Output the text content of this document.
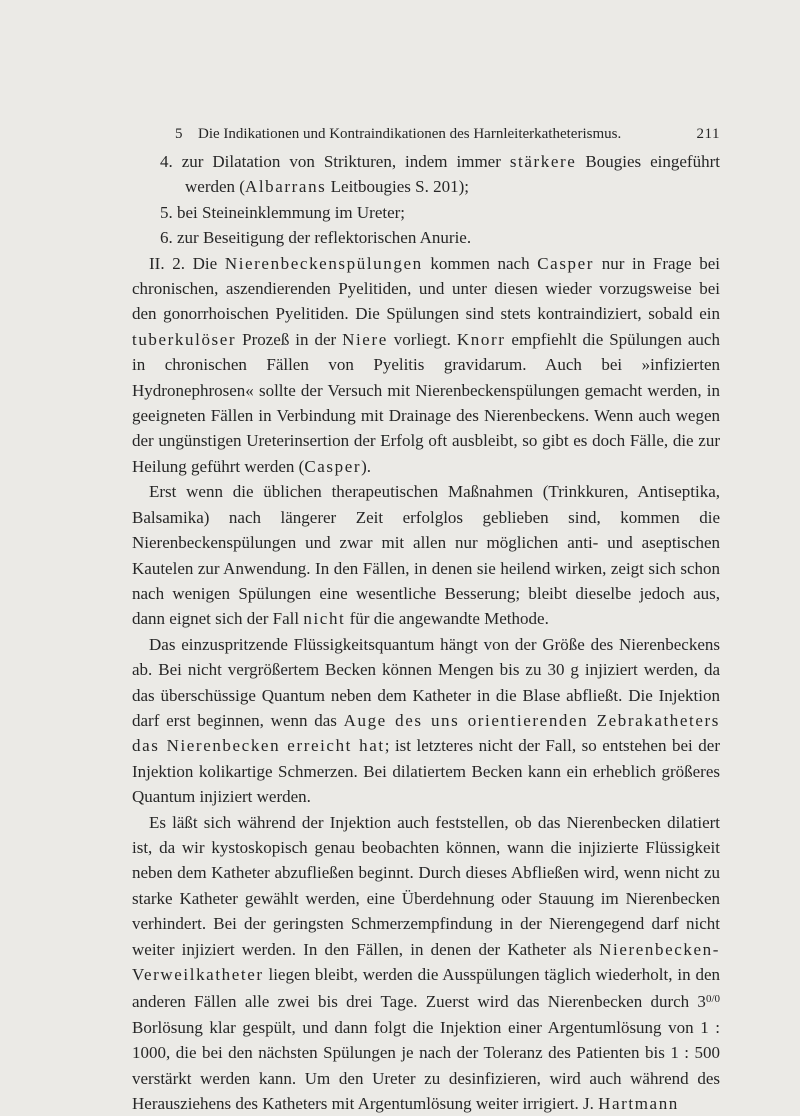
5 Die Indikationen und Kontraindikationen des Harnleiterkatheterismus.	211

4. zur Dilatation von Strikturen, indem immer stärkere Bougies eingeführt werden (Albarrans Leitbougies S. 201);

5. bei Steineinklemmung im Ureter;

6. zur Beseitigung der reflektorischen Anurie.

II. 2. Die Nierenbeckenspülungen kommen nach Casper nur in Frage bei chronischen, aszendierenden Pyelitiden, und unter diesen wieder vorzugsweise bei den gonorrhoischen Pyelitiden. Die Spülungen sind stets kontraindiziert, sobald ein tuberkulöser Prozeß in der Niere vorliegt. Knorr empfiehlt die Spülungen auch in chronischen Fällen von Pyelitis gravidarum. Auch bei »infizierten Hydronephrosen« sollte der Versuch mit Nierenbeckenspülungen gemacht werden, in geeigneten Fällen in Verbindung mit Drainage des Nierenbeckens. Wenn auch wegen der ungünstigen Ureterinsertion der Erfolg oft ausbleibt, so gibt es doch Fälle, die zur Heilung geführt werden (Casper).

Erst wenn die üblichen therapeutischen Maßnahmen (Trinkkuren, Antiseptika, Balsamika) nach längerer Zeit erfolglos geblieben sind, kommen die Nierenbeckenspülungen und zwar mit allen nur möglichen anti- und aseptischen Kautelen zur Anwendung. In den Fällen, in denen sie heilend wirken, zeigt sich schon nach wenigen Spülungen eine wesentliche Besserung; bleibt dieselbe jedoch aus, dann eignet sich der Fall nicht für die angewandte Methode.

Das einzuspritzende Flüssigkeitsquantum hängt von der Größe des Nierenbeckens ab. Bei nicht vergrößertem Becken können Mengen bis zu 30 g injiziert werden, da das überschüssige Quantum neben dem Katheter in die Blase abfließt. Die Injektion darf erst beginnen, wenn das Auge des uns orientierenden Zebrakatheters das Nierenbecken erreicht hat; ist letzteres nicht der Fall, so entstehen bei der Injektion kolikartige Schmerzen. Bei dilatiertem Becken kann ein erheblich größeres Quantum injiziert werden.

Es läßt sich während der Injektion auch feststellen, ob das Nierenbecken dilatiert ist, da wir kystoskopisch genau beobachten können, wann die injizierte Flüssigkeit neben dem Katheter abzufließen beginnt. Durch dieses Abfließen wird, wenn nicht zu starke Katheter gewählt werden, eine Überdehnung oder Stauung im Nierenbecken verhindert. Bei der geringsten Schmerzempfindung in der Nierengegend darf nicht weiter injiziert werden. In den Fällen, in denen der Katheter als Nierenbecken-Verweilkatheter liegen bleibt, werden die Ausspülungen täglich wiederholt, in den anderen Fällen alle zwei bis drei Tage. Zuerst wird das Nierenbecken durch $3^{0/0}$ Borlösung klar gespült, und dann folgt die Injektion einer Argentumlösung von 1 : 1000, die bei den nächsten Spülungen je nach der Toleranz des Patienten bis 1 : 500 verstärkt werden kann. Um den Ureter zu desinfizieren, wird auch während des Herausziehens des Katheters mit Argentumlösung weiter irrigiert. J. Hartmann
